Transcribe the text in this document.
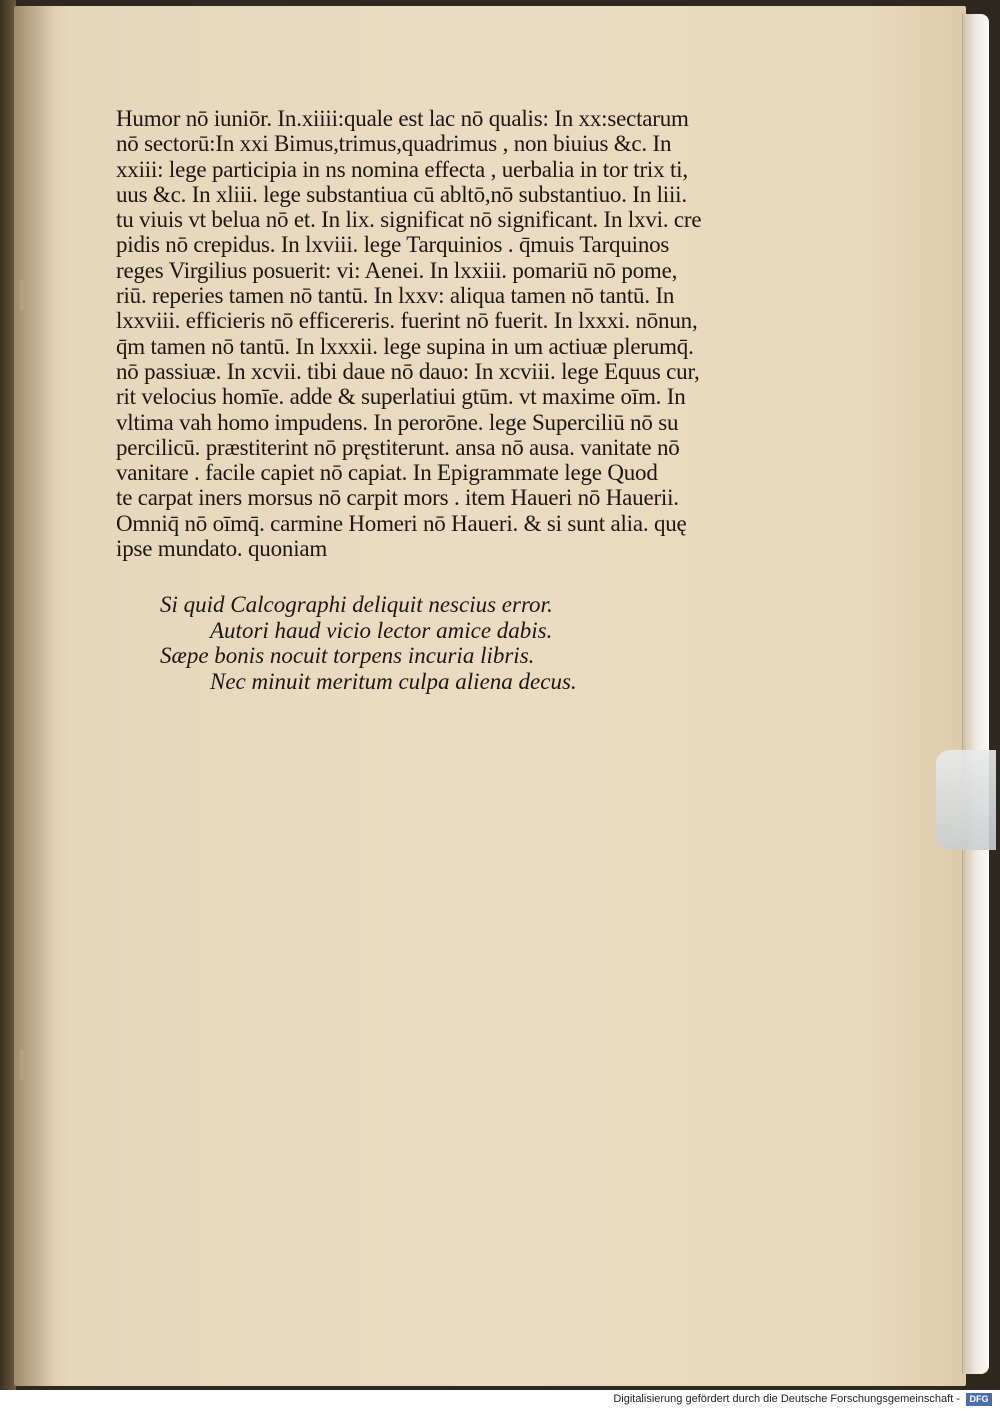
Humor nō iuniōr. In.xiiii:quale est lac nō qualis: In xx:sectarum
nō sectorū:In xxi Bimus,trimus,quadrimus , non biuius &c. In
xxiii: lege participia in ns nomina effecta , uerbalia in tor trix ti,
uus &c. In xliii. lege substantiua cū abltō,nō substantiuo. In liii.
tu viuis vt belua nō et. In lix. significat nō significant. In lxvi. cre
pidis nō crepidus. In lxviii. lege Tarquinios . q̄muis Tarquinos
reges Virgilius posuerit: vi: Aenei. In lxxiii. pomariū nō pome,
riū. reperies tamen nō tantū. In lxxv: aliqua tamen nō tantū. In
lxxviii. efficieris nō efficereris. fuerint nō fuerit. In lxxxi. nōnun,
q̄m tamen nō tantū. In lxxxii. lege supina in um actiuæ plerumq̄.
nō passiuæ. In xcvii. tibi daue nō dauo: In xcviii. lege Equus cur,
rit velocius homīe. adde & superlatiui gtūm. vt maxime oīm. In
vltima vah homo impudens. In perorōne. lege Superciliū nō su
percilicū. præstiterint nō pręstiterunt. ansa nō ausa. vanitate nō
vanitare . facile capiet nō capiat. In Epigrammate lege Quod
te carpat iners morsus nō carpit mors . item Haueri nō Hauerii.
Omniq̄ nō oīmq̄. carmine Homeri nō Haueri. & si sunt alia. quę
ipse mundato. quoniam
Si quid Calcographi deliquit nescius error.
Autori haud vicio lector amice dabis.
Sæpe bonis nocuit torpens incuria libris.
Nec minuit meritum culpa aliena decus.
Digitalisierung gefördert durch die Deutsche Forschungsgemeinschaft -	DFG
